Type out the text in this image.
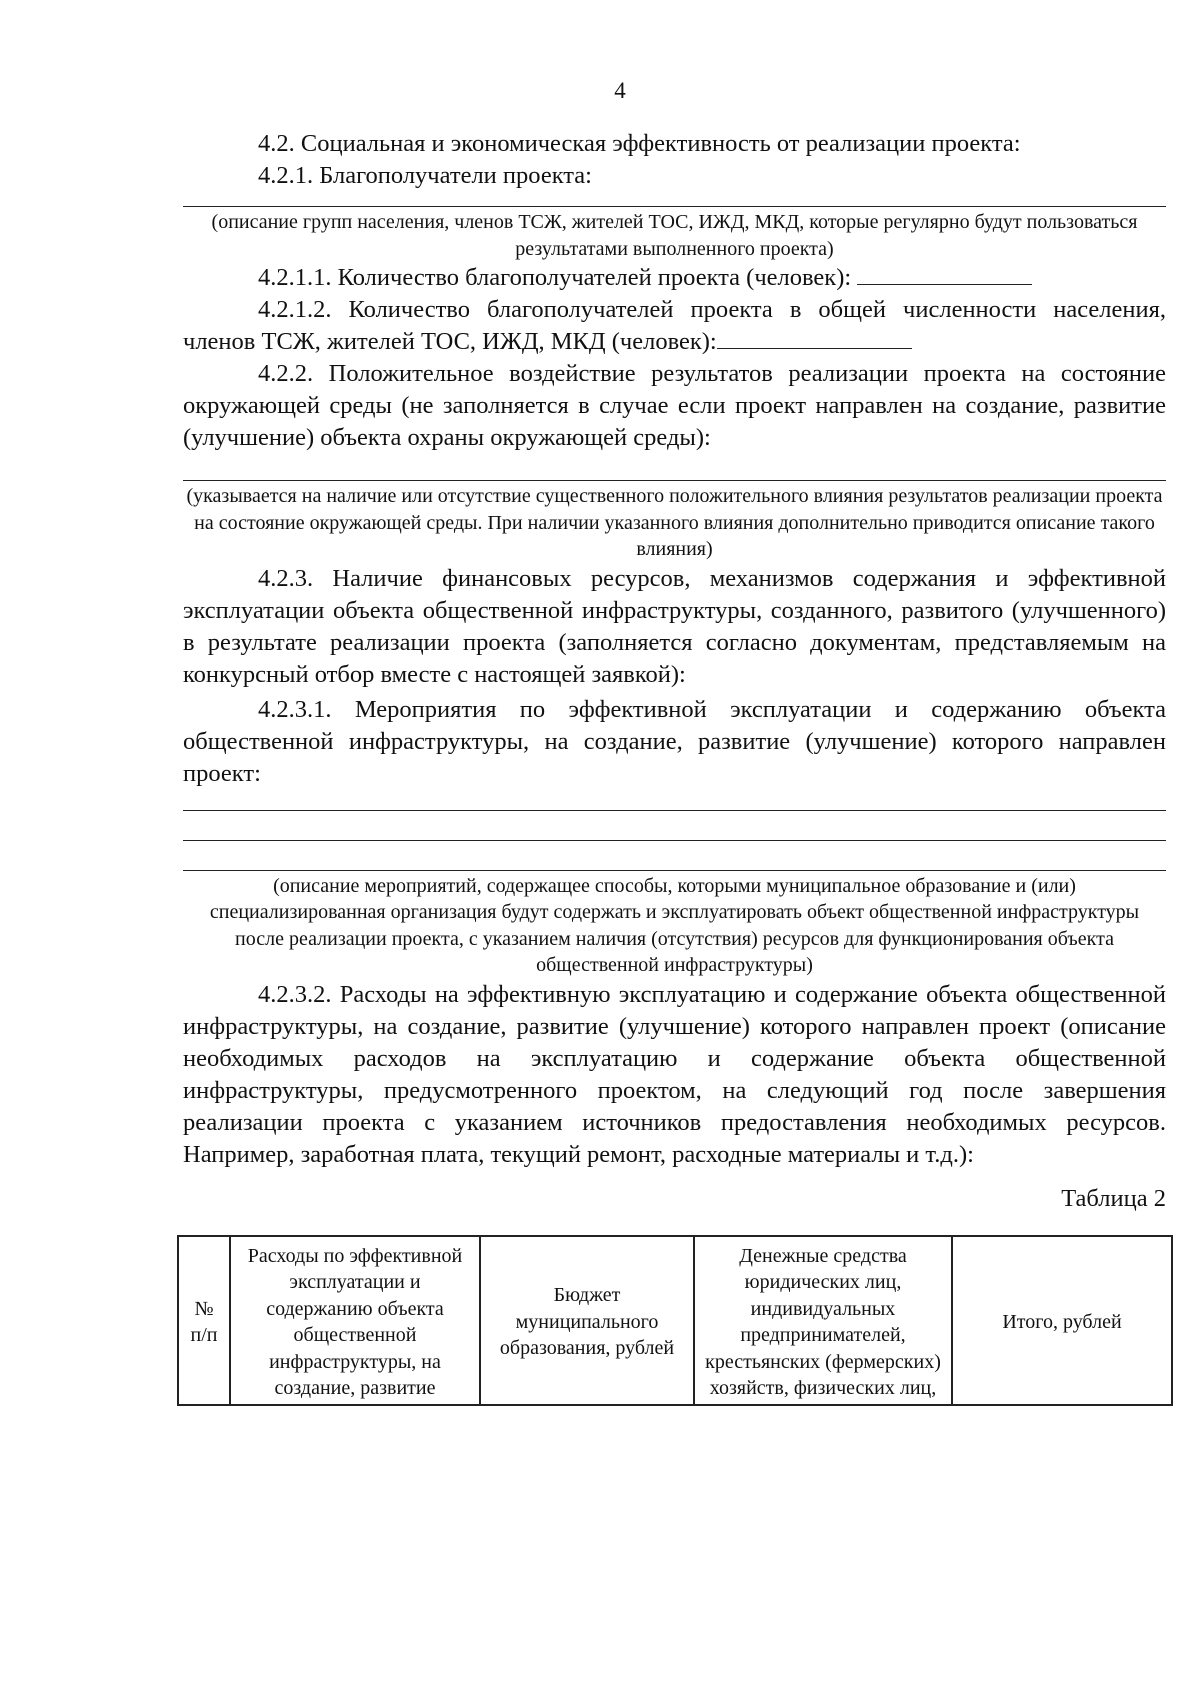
4

4.2. Социальная и экономическая эффективность от реализации проекта:

4.2.1. Благополучатели проекта:

(описание групп населения, членов ТСЖ, жителей ТОС, ИЖД, МКД, которые регулярно будут пользоваться результатами выполненного проекта)

4.2.1.1. Количество благополучателей проекта (человек):

4.2.1.2. Количество благополучателей проекта в общей численности населения, членов ТСЖ, жителей ТОС, ИЖД, МКД (человек):

4.2.2. Положительное воздействие результатов реализации проекта на состояние окружающей среды (не заполняется в случае если проект направлен на создание, развитие (улучшение) объекта охраны окружающей среды):

(указывается на наличие или отсутствие существенного положительного влияния результатов реализации проекта на состояние окружающей среды. При наличии указанного влияния дополнительно приводится описание такого влияния)

4.2.3. Наличие финансовых ресурсов, механизмов содержания и эффективной эксплуатации объекта общественной инфраструктуры, созданного, развитого (улучшенного) в результате реализации проекта (заполняется согласно документам, представляемым на конкурсный отбор вместе с настоящей заявкой):

4.2.3.1. Мероприятия по эффективной эксплуатации и содержанию объекта общественной инфраструктуры, на создание, развитие (улучшение) которого направлен проект:

(описание мероприятий, содержащее способы, которыми муниципальное образование и (или) специализированная организация будут содержать и эксплуатировать объект общественной инфраструктуры после реализации проекта, с указанием наличия (отсутствия) ресурсов для функционирования объекта общественной инфраструктуры)

4.2.3.2. Расходы на эффективную эксплуатацию и содержание объекта общественной инфраструктуры, на создание, развитие (улучшение) которого направлен проект (описание необходимых расходов на эксплуатацию и содержание объекта общественной инфраструктуры, предусмотренного проектом, на следующий год после завершения реализации проекта с указанием источников предоставления необходимых ресурсов. Например, заработная плата, текущий ремонт, расходные материалы и т.д.):

Таблица 2

№ п/п	Расходы по эффективной эксплуатации и содержанию объекта общественной инфраструктуры, на создание, развитие	Бюджет муниципального образования, рублей	Денежные средства юридических лиц, индивидуальных предпринимателей, крестьянских (фермерских) хозяйств, физических лиц,	Итого, рублей
